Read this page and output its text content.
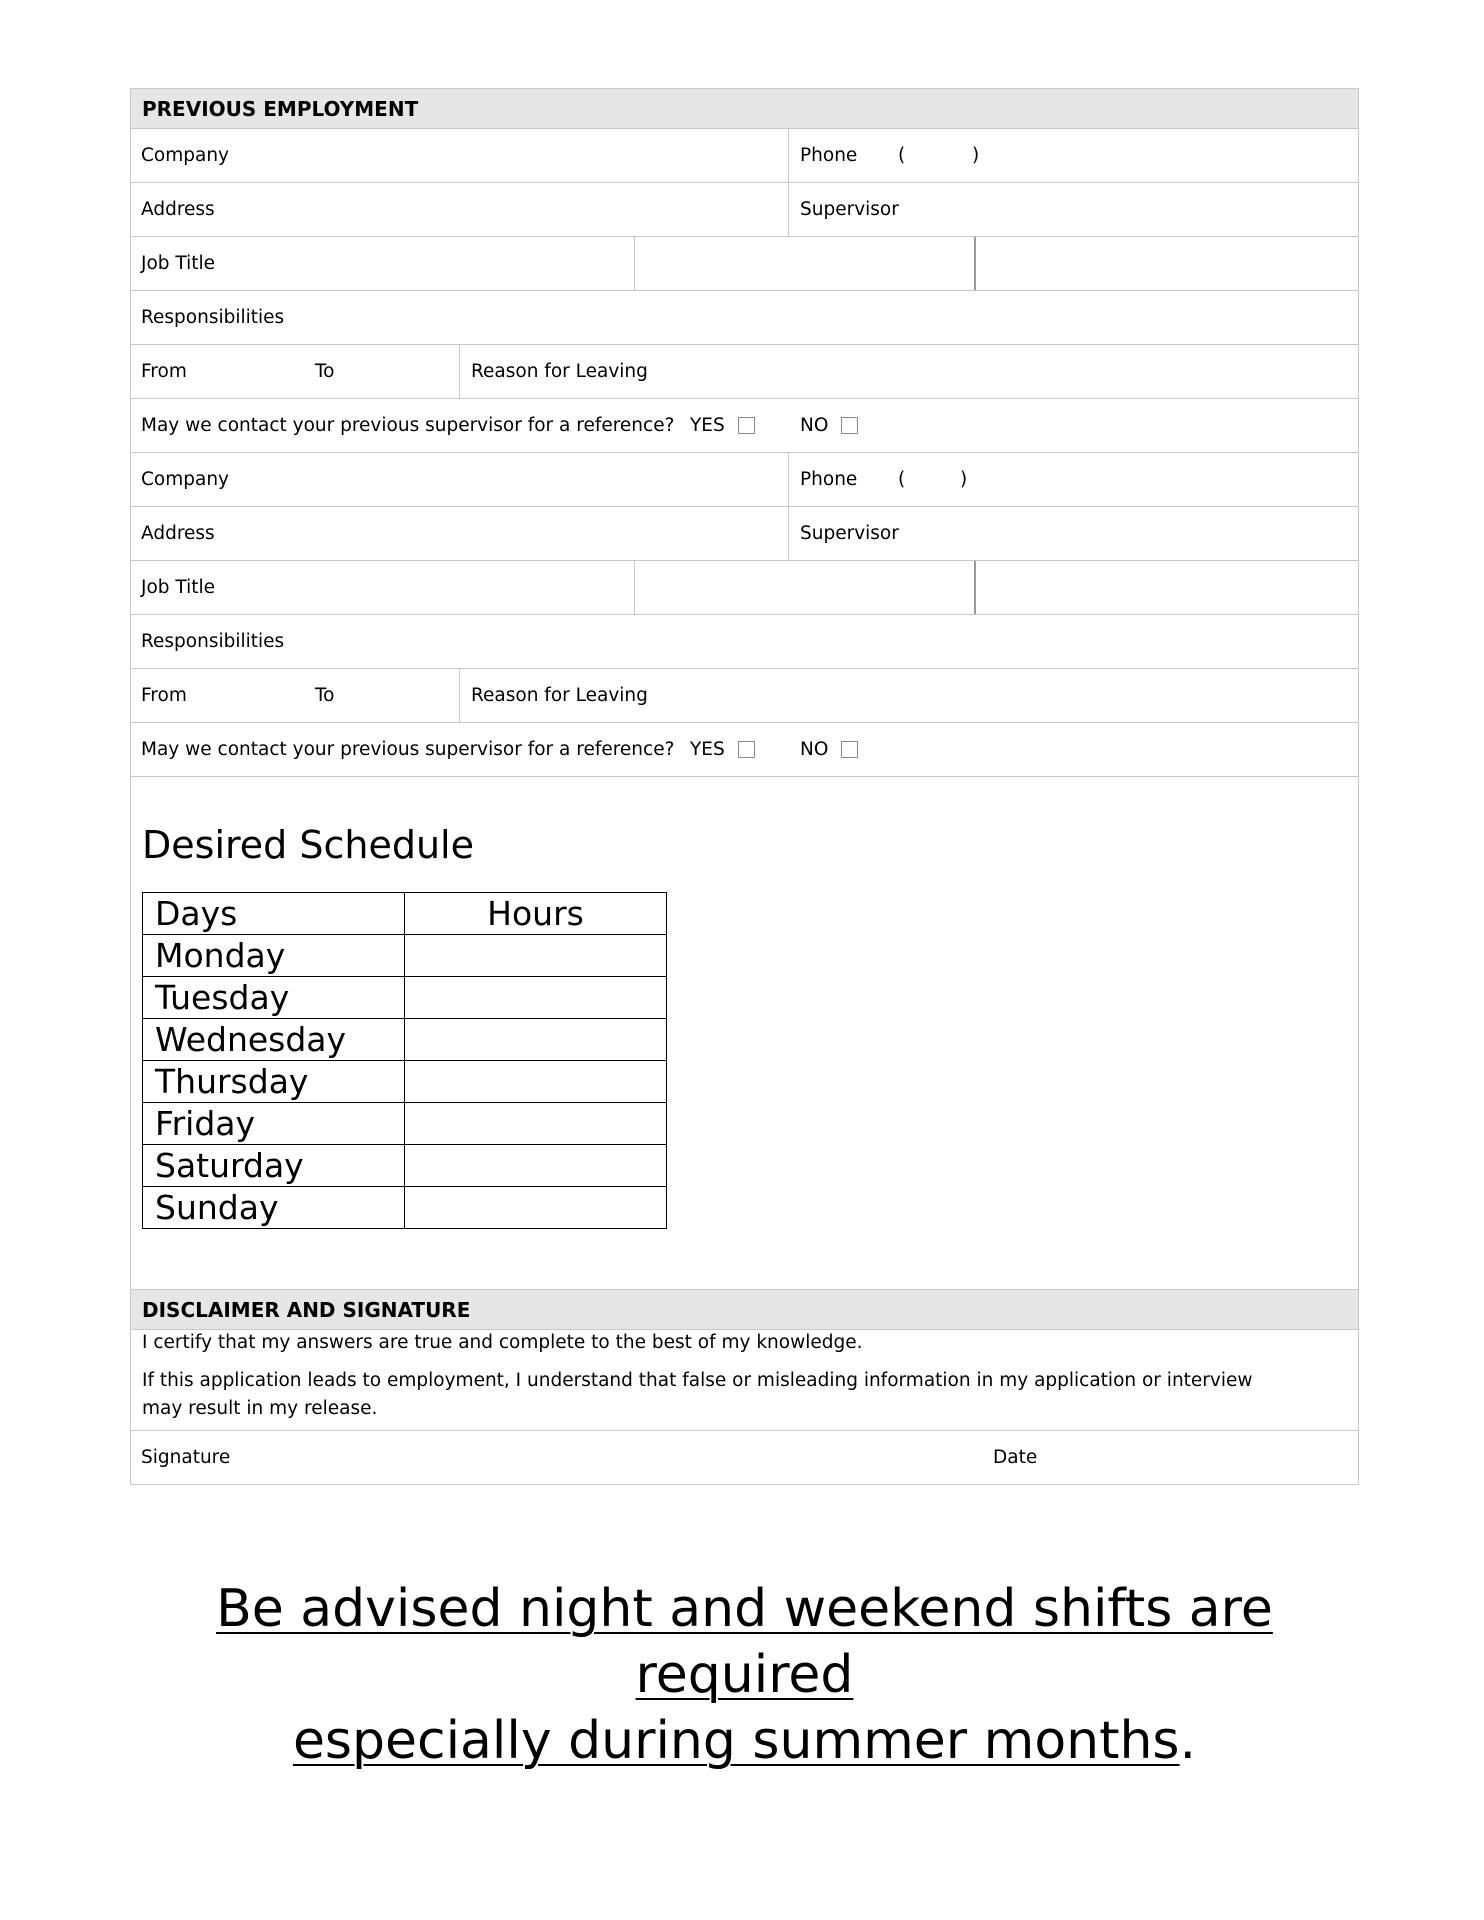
PREVIOUS EMPLOYMENT
Company	Phone (	)
Address	Supervisor
Job Title
Responsibilities
From	To	Reason for Leaving
May we contact your previous supervisor for a reference? YES	NO
Company	Phone (	)
Address	Supervisor
Job Title
Responsibilities
From	To	Reason for Leaving
May we contact your previous supervisor for a reference? YES	NO
Desired Schedule
Days	Hours
Monday	
Tuesday	
Wednesday	
Thursday	
Friday	
Saturday	
Sunday	
DISCLAIMER AND SIGNATURE
I certify that my answers are true and complete to the best of my knowledge.
If this application leads to employment, I understand that false or misleading information in my application or interview
may result in my release.
Signature	Date
Be advised night and weekend shifts are required
especially during summer months.
